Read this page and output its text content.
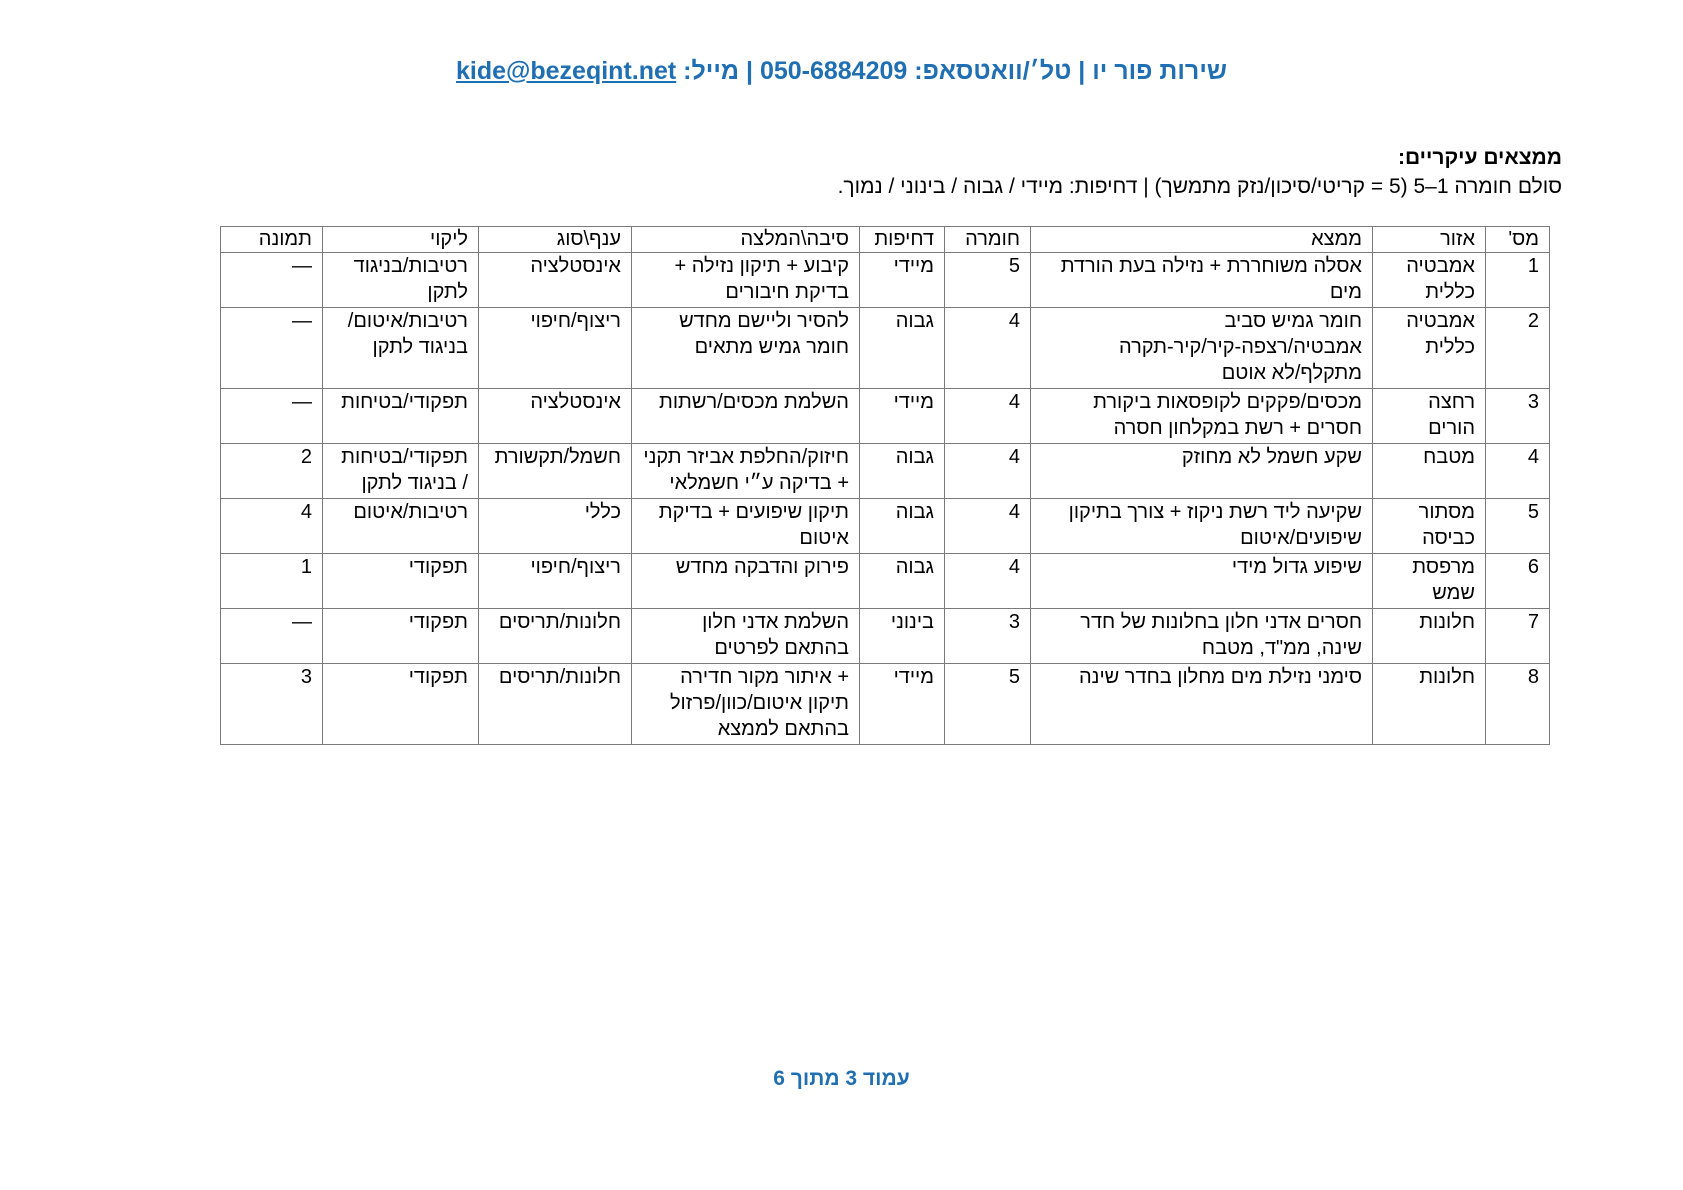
שירות פור יו | טל׳/וואטסאפ: 050-6884209 | מייל: kide@bezeqint.net
ממצאים עיקריים:
סולם חומרה 1–5 (5 = קריטי/סיכון/נזק מתמשך) | דחיפות: מיידי / גבוה / בינוני / נמוך.
מס'	אזור	ממצא	חומרה	דחיפות	סיבה\המלצה	ענף\סוג	ליקוי	תמונה
1	אמבטיה כללית	אסלה משוחררת + נזילה בעת הורדת מים	5	מיידי	קיבוע + תיקון נזילה + בדיקת חיבורים	אינסטלציה	רטיבות/בניגוד לתקן	—
2	אמבטיה כללית	חומר גמיש סביב אמבטיה/רצפה-קיר/קיר-תקרה מתקלף/לא אוטם	4	גבוה	להסיר וליישם מחדש חומר גמיש מתאים	ריצוף/חיפוי	רטיבות/איטום/ בניגוד לתקן	—
3	רחצה הורים	מכסים/פקקים לקופסאות ביקורת חסרים + רשת במקלחון חסרה	4	מיידי	השלמת מכסים/רשתות	אינסטלציה	תפקודי/בטיחות	—
4	מטבח	שקע חשמל לא מחוזק	4	גבוה	חיזוק/החלפת אביזר תקני + בדיקה ע״י חשמלאי	חשמל/תקשורת	תפקודי/בטיחות / בניגוד לתקן	2
5	מסתור כביסה	שקיעה ליד רשת ניקוז + צורך בתיקון שיפועים/איטום	4	גבוה	תיקון שיפועים + בדיקת איטום	כללי	רטיבות/איטום	4
6	מרפסת שמש	שיפוע גדול מידי	4	גבוה	פירוק והדבקה מחדש	ריצוף/חיפוי	תפקודי	1
7	חלונות	חסרים אדני חלון בחלונות של חדר שינה, ממ"ד, מטבח	3	בינוני	השלמת אדני חלון בהתאם לפרטים	חלונות/תריסים	תפקודי	—
8	חלונות	סימני נזילת מים מחלון בחדר שינה	5	מיידי	+ איתור מקור חדירה תיקון איטום/כוון/פרזול בהתאם לממצא	חלונות/תריסים	תפקודי	3
עמוד 3 מתוך 6
